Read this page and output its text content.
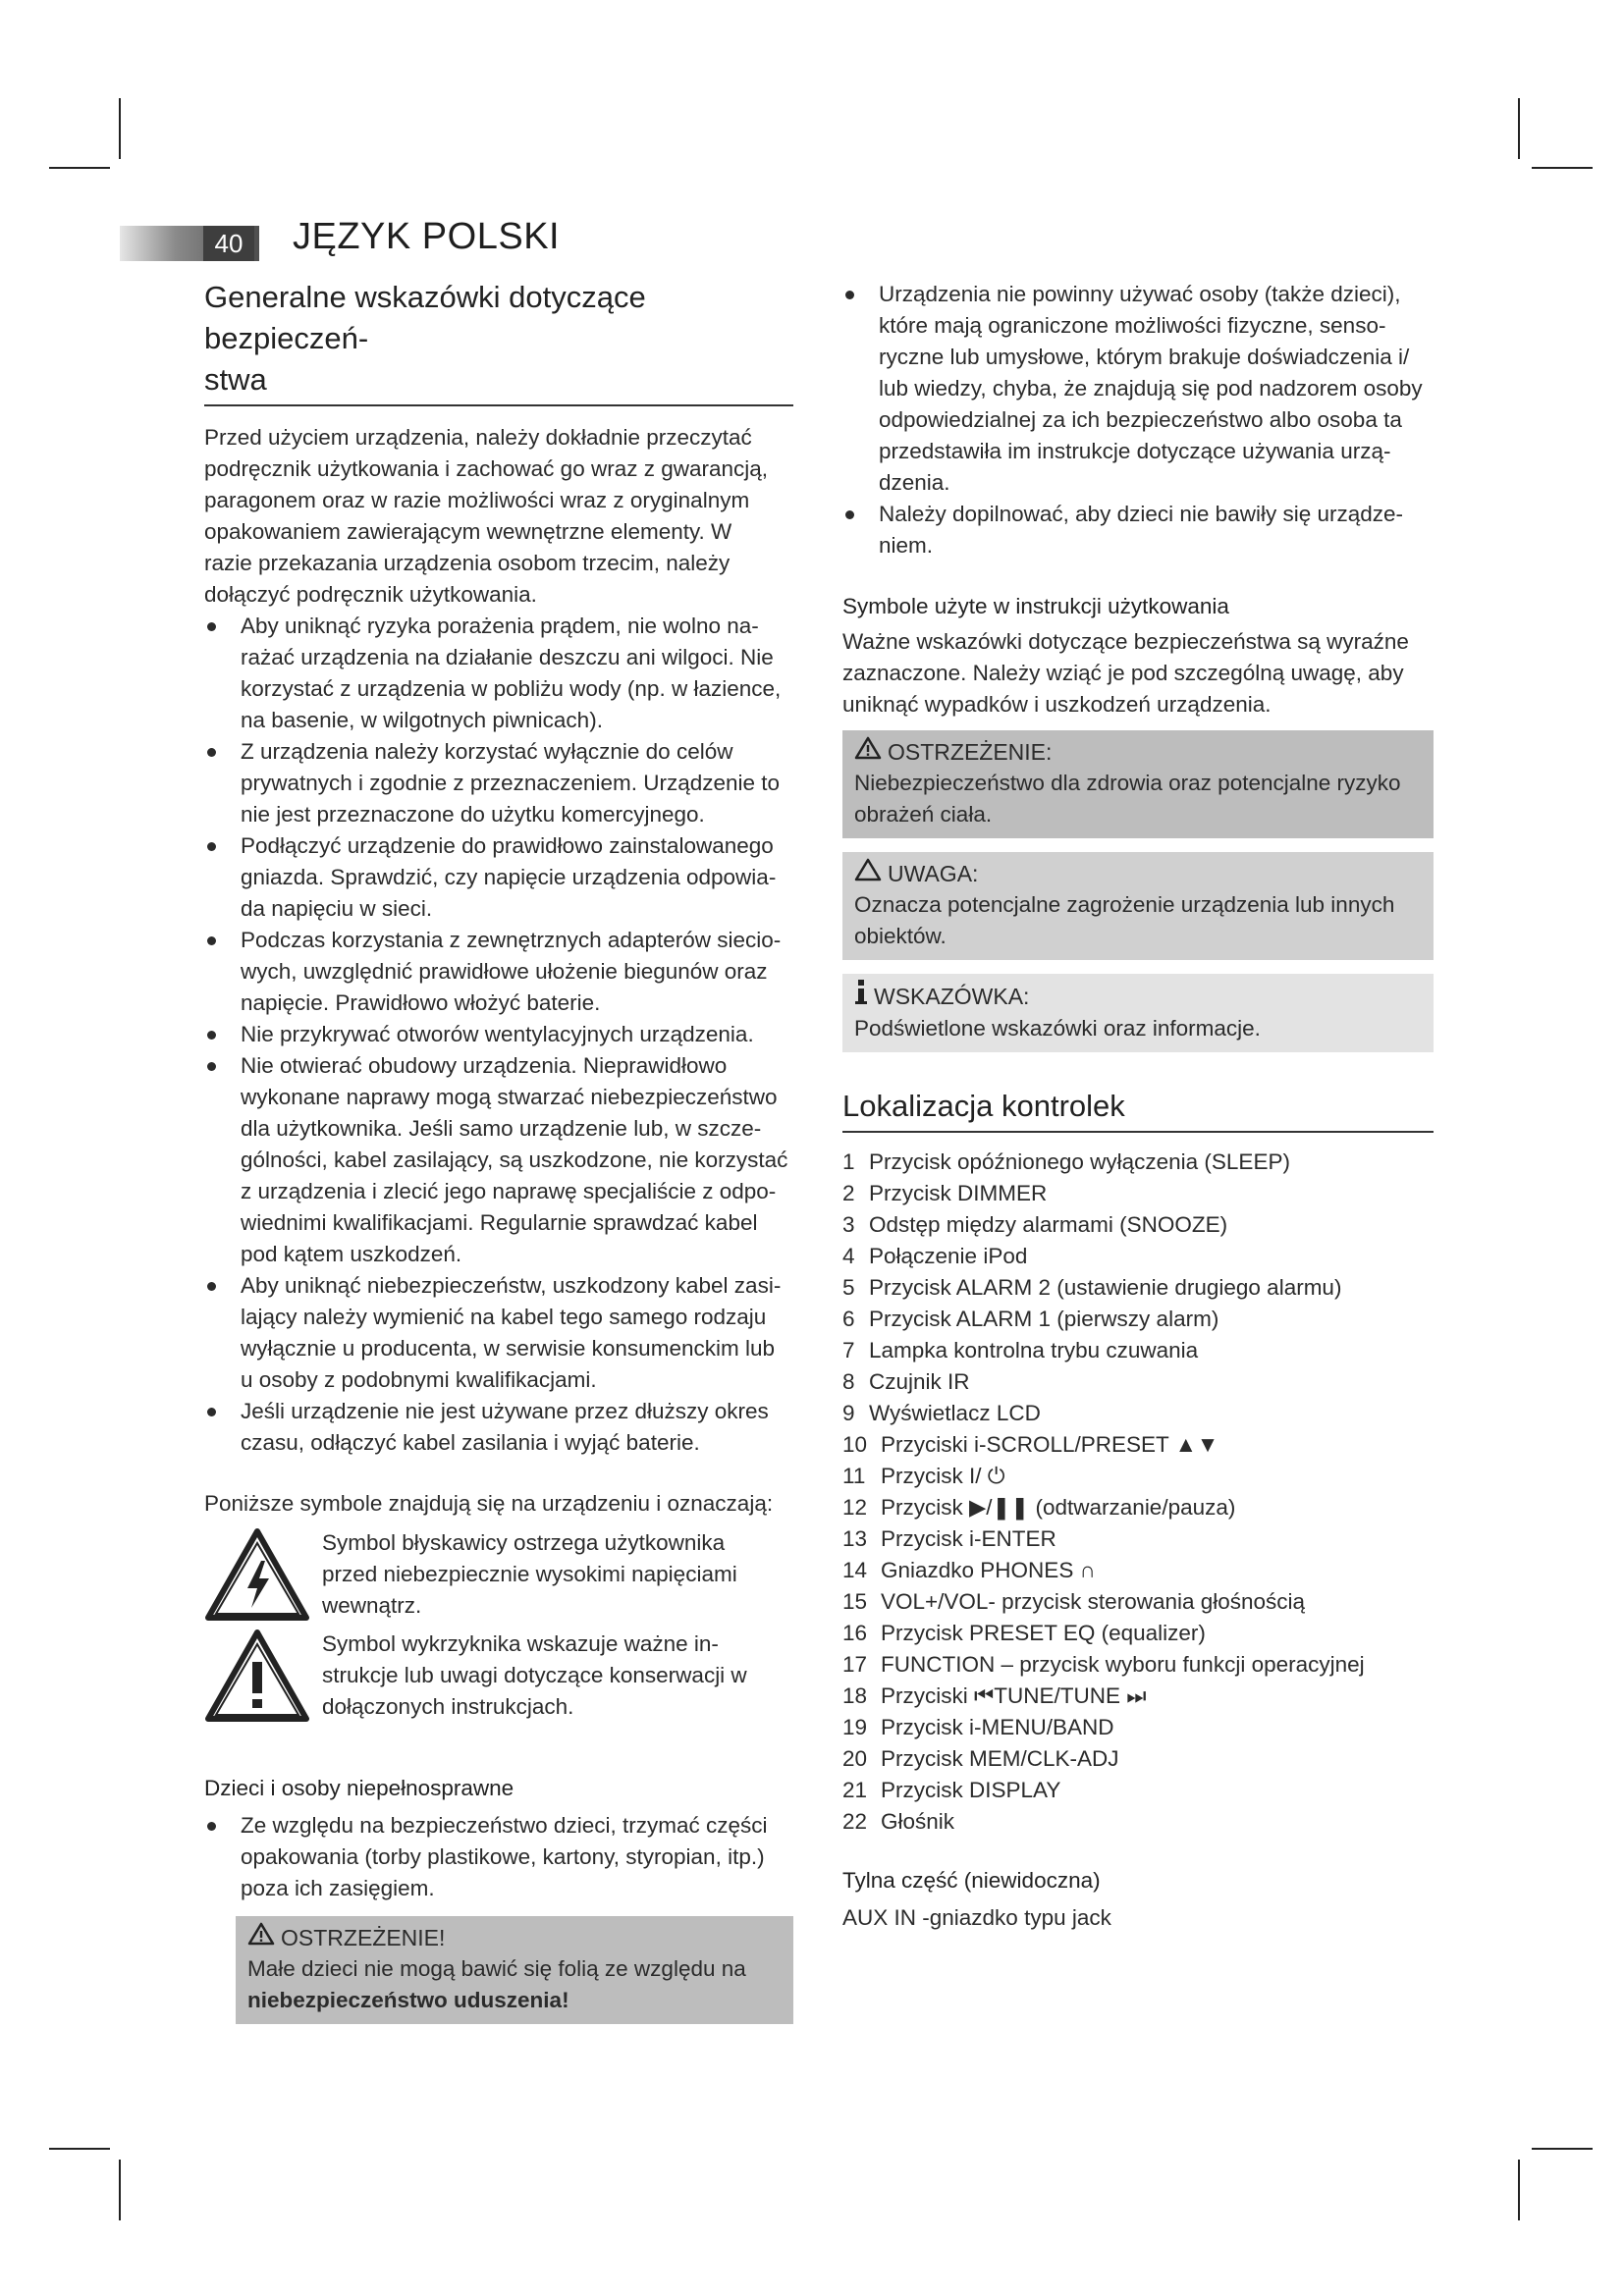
40	JĘZYK POLSKI
Generalne wskazówki dotyczące bezpieczeń-
stwa

Przed użyciem urządzenia, należy dokładnie przeczytać
podręcznik użytkowania i zachować go wraz z gwarancją,
paragonem oraz w razie możliwości wraz z oryginalnym
opakowaniem zawierającym wewnętrzne elementy. W
razie przekazania urządzenia osobom trzecim, należy
dołączyć podręcznik użytkowania.

Aby uniknąć ryzyka porażenia prądem, nie wolno na-
rażać urządzenia na działanie deszczu ani wilgoci. Nie
korzystać z urządzenia w pobliżu wody (np. w łazience,
na basenie, w wilgotnych piwnicach).
Z urządzenia należy korzystać wyłącznie do celów
prywatnych i zgodnie z przeznaczeniem. Urządzenie to
nie jest przeznaczone do użytku komercyjnego.
Podłączyć urządzenie do prawidłowo zainstalowanego
gniazda. Sprawdzić, czy napięcie urządzenia odpowia-
da napięciu w sieci.
Podczas korzystania z zewnętrznych adapterów siecio-
wych, uwzględnić prawidłowe ułożenie biegunów oraz
napięcie. Prawidłowo włożyć baterie.
Nie przykrywać otworów wentylacyjnych urządzenia.
Nie otwierać obudowy urządzenia. Nieprawidłowo
wykonane naprawy mogą stwarzać niebezpieczeństwo
dla użytkownika. Jeśli samo urządzenie lub, w szcze-
gólności, kabel zasilający, są uszkodzone, nie korzystać
z urządzenia i zlecić jego naprawę specjaliście z odpo-
wiednimi kwalifikacjami. Regularnie sprawdzać kabel
pod kątem uszkodzeń.
Aby uniknąć niebezpieczeństw, uszkodzony kabel zasi-
lający należy wymienić na kabel tego samego rodzaju
wyłącznie u producenta, w serwisie konsumenckim lub
u osoby z podobnymi kwalifikacjami.
Jeśli urządzenie nie jest używane przez dłuższy okres
czasu, odłączyć kabel zasilania i wyjąć baterie.

Poniższe symbole znajdują się na urządzeniu i oznaczają:

Symbol błyskawicy ostrzega użytkownika
przed niebezpiecznie wysokimi napięciami
wewnątrz.
Symbol wykrzyknika wskazuje ważne in-
strukcje lub uwagi dotyczące konserwacji w
dołączonych instrukcjach.
Dzieci i osoby niepełnosprawne
Ze względu na bezpieczeństwo dzieci, trzymać części
opakowania (torby plastikowe, kartony, styropian, itp.)
poza ich zasięgiem.
OSTRZEŻENIE!
Małe dzieci nie mogą bawić się folią ze względu na
niebezpieczeństwo uduszenia!
Urządzenia nie powinny używać osoby (także dzieci),
które mają ograniczone możliwości fizyczne, senso-
ryczne lub umysłowe, którym brakuje doświadczenia i/
lub wiedzy, chyba, że znajdują się pod nadzorem osoby
odpowiedzialnej za ich bezpieczeństwo albo osoba ta
przedstawiła im instrukcje dotyczące używania urzą-
dzenia.
Należy dopilnować, aby dzieci nie bawiły się urządze-
niem.
Symbole użyte w instrukcji użytkowania

Ważne wskazówki dotyczące bezpieczeństwa są wyraźne
zaznaczone. Należy wziąć je pod szczególną uwagę, aby
uniknąć wypadków i uszkodzeń urządzenia.

OSTRZEŻENIE:
Niebezpieczeństwo dla zdrowia oraz potencjalne ryzyko
obrażeń ciała.
UWAGA:
Oznacza potencjalne zagrożenie urządzenia lub innych
obiektów.
WSKAZÓWKA:
Podświetlone wskazówki oraz informacje.
Lokalizacja kontrolek
1 Przycisk opóźnionego wyłączenia (SLEEP)
2 Przycisk DIMMER
3 Odstęp między alarmami (SNOOZE)
4 Połączenie iPod
5 Przycisk ALARM 2 (ustawienie drugiego alarmu)
6 Przycisk ALARM 1 (pierwszy alarm)
7 Lampka kontrolna trybu czuwania
8 Czujnik IR
9 Wyświetlacz LCD
10 Przyciski i-SCROLL/PRESET ▲▼
11 Przycisk I/ ⏻
12 Przycisk ▶/❚❚ (odtwarzanie/pauza)
13 Przycisk i-ENTER
14 Gniazdko PHONES ∩
15 VOL+/VOL- przycisk sterowania głośnością
16 Przycisk PRESET EQ (equalizer)
17 FUNCTION – przycisk wyboru funkcji operacyjnej
18 Przyciski ⏮TUNE/TUNE ⏭
19 Przycisk i-MENU/BAND
20 Przycisk MEM/CLK-ADJ
21 Przycisk DISPLAY
22 Głośnik
Tylna część (niewidoczna)

AUX IN -gniazdko typu jack
